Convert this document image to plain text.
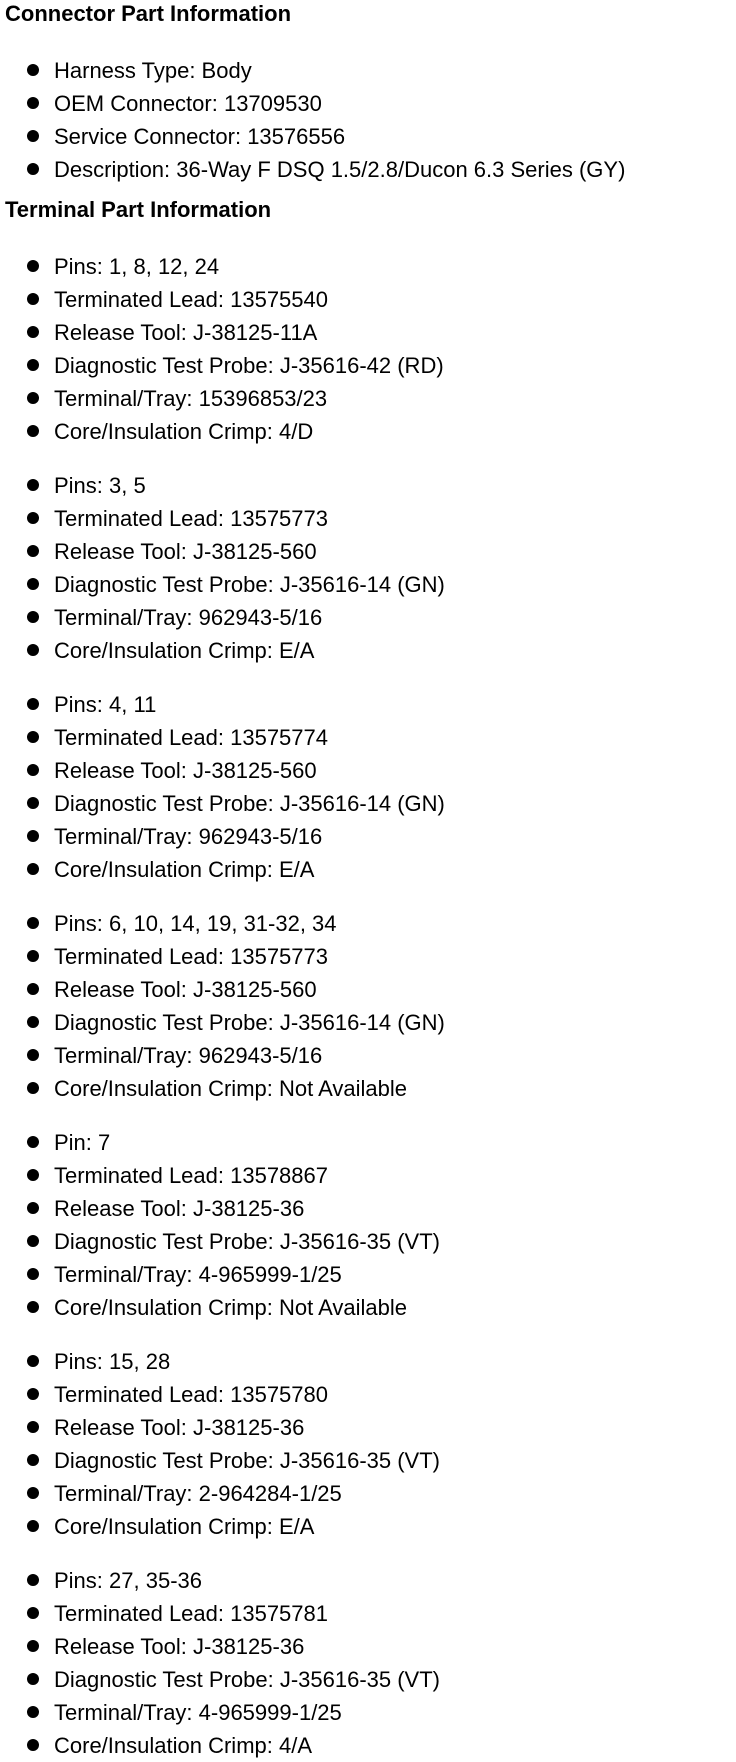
Connector Part Information
Harness Type: Body
OEM Connector: 13709530
Service Connector: 13576556
Description: 36-Way F DSQ 1.5/2.8/Ducon 6.3 Series (GY)
Terminal Part Information
Pins: 1, 8, 12, 24
Terminated Lead: 13575540
Release Tool: J-38125-11A
Diagnostic Test Probe: J-35616-42 (RD)
Terminal/Tray: 15396853/23
Core/Insulation Crimp: 4/D
Pins: 3, 5
Terminated Lead: 13575773
Release Tool: J-38125-560
Diagnostic Test Probe: J-35616-14 (GN)
Terminal/Tray: 962943-5/16
Core/Insulation Crimp: E/A
Pins: 4, 11
Terminated Lead: 13575774
Release Tool: J-38125-560
Diagnostic Test Probe: J-35616-14 (GN)
Terminal/Tray: 962943-5/16
Core/Insulation Crimp: E/A
Pins: 6, 10, 14, 19, 31-32, 34
Terminated Lead: 13575773
Release Tool: J-38125-560
Diagnostic Test Probe: J-35616-14 (GN)
Terminal/Tray: 962943-5/16
Core/Insulation Crimp: Not Available
Pin: 7
Terminated Lead: 13578867
Release Tool: J-38125-36
Diagnostic Test Probe: J-35616-35 (VT)
Terminal/Tray: 4-965999-1/25
Core/Insulation Crimp: Not Available
Pins: 15, 28
Terminated Lead: 13575780
Release Tool: J-38125-36
Diagnostic Test Probe: J-35616-35 (VT)
Terminal/Tray: 2-964284-1/25
Core/Insulation Crimp: E/A
Pins: 27, 35-36
Terminated Lead: 13575781
Release Tool: J-38125-36
Diagnostic Test Probe: J-35616-35 (VT)
Terminal/Tray: 4-965999-1/25
Core/Insulation Crimp: 4/A
